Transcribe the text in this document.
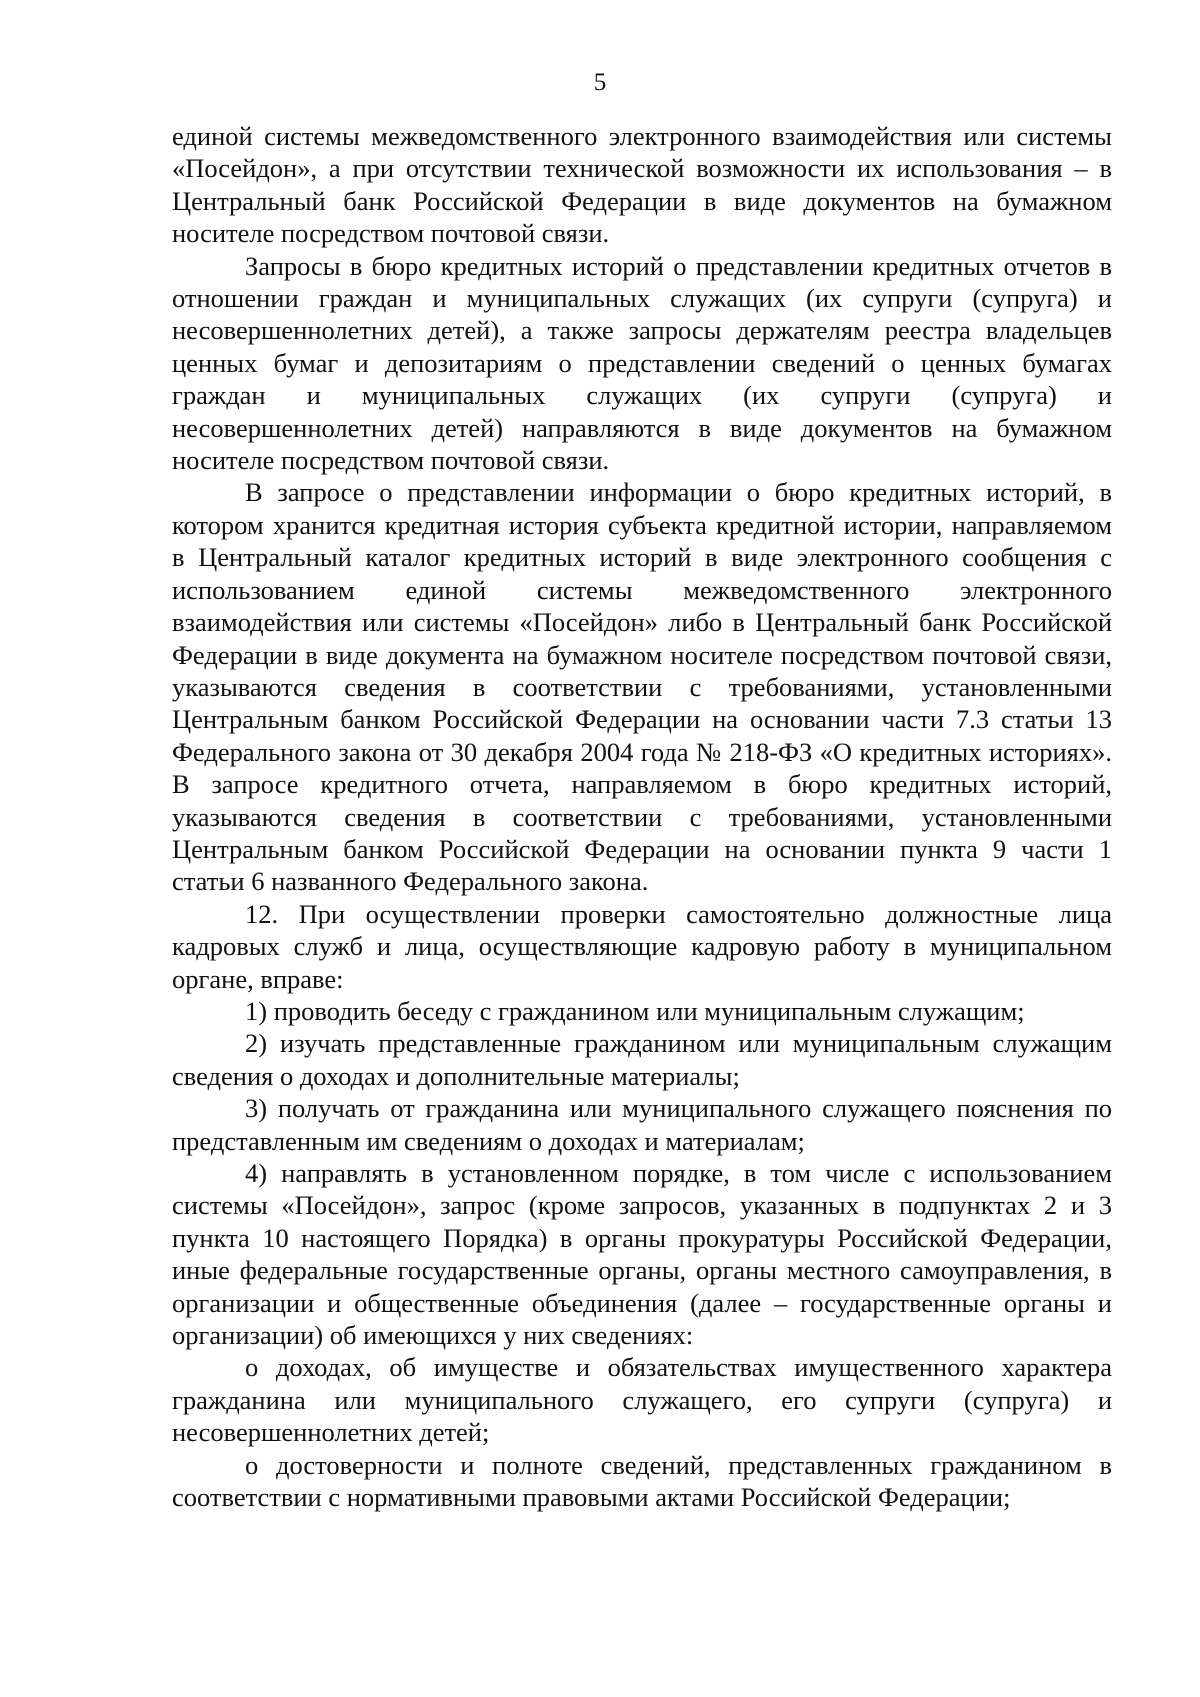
5

единой системы межведомственного электронного взаимодействия или системы «Посейдон», а при отсутствии технической возможности их использования – в Центральный банк Российской Федерации в виде документов на бумажном носителе посредством почтовой связи.

Запросы в бюро кредитных историй о представлении кредитных отчетов в отношении граждан и муниципальных служащих (их супруги (супруга) и несовершеннолетних детей), а также запросы держателям реестра владельцев ценных бумаг и депозитариям о представлении сведений о ценных бумагах граждан и муниципальных служащих (их супруги (супруга) и несовершеннолетних детей) направляются в виде документов на бумажном носителе посредством почтовой связи.

В запросе о представлении информации о бюро кредитных историй, в котором хранится кредитная история субъекта кредитной истории, направляемом в Центральный каталог кредитных историй в виде электронного сообщения с использованием единой системы межведомственного электронного взаимодействия или системы «Посейдон» либо в Центральный банк Российской Федерации в виде документа на бумажном носителе посредством почтовой связи, указываются сведения в соответствии с требованиями, установленными Центральным банком Российской Федерации на основании части 7.3 статьи 13 Федерального закона от 30 декабря 2004 года № 218-ФЗ «О кредитных историях». В запросе кредитного отчета, направляемом в бюро кредитных историй, указываются сведения в соответствии с требованиями, установленными Центральным банком Российской Федерации на основании пункта 9 части 1 статьи 6 названного Федерального закона.

12. При осуществлении проверки самостоятельно должностные лица кадровых служб и лица, осуществляющие кадровую работу в муниципальном органе, вправе:

1) проводить беседу с гражданином или муниципальным служащим;

2) изучать представленные гражданином или муниципальным служащим сведения о доходах и дополнительные материалы;

3) получать от гражданина или муниципального служащего пояснения по представленным им сведениям о доходах и материалам;

4) направлять в установленном порядке, в том числе с использованием системы «Посейдон», запрос (кроме запросов, указанных в подпунктах 2 и 3 пункта 10 настоящего Порядка) в органы прокуратуры Российской Федерации, иные федеральные государственные органы, органы местного самоуправления, в организации и общественные объединения (далее – государственные органы и организации) об имеющихся у них сведениях:

о доходах, об имуществе и обязательствах имущественного характера гражданина или муниципального служащего, его супруги (супруга) и несовершеннолетних детей;

о достоверности и полноте сведений, представленных гражданином в соответствии с нормативными правовыми актами Российской Федерации;
